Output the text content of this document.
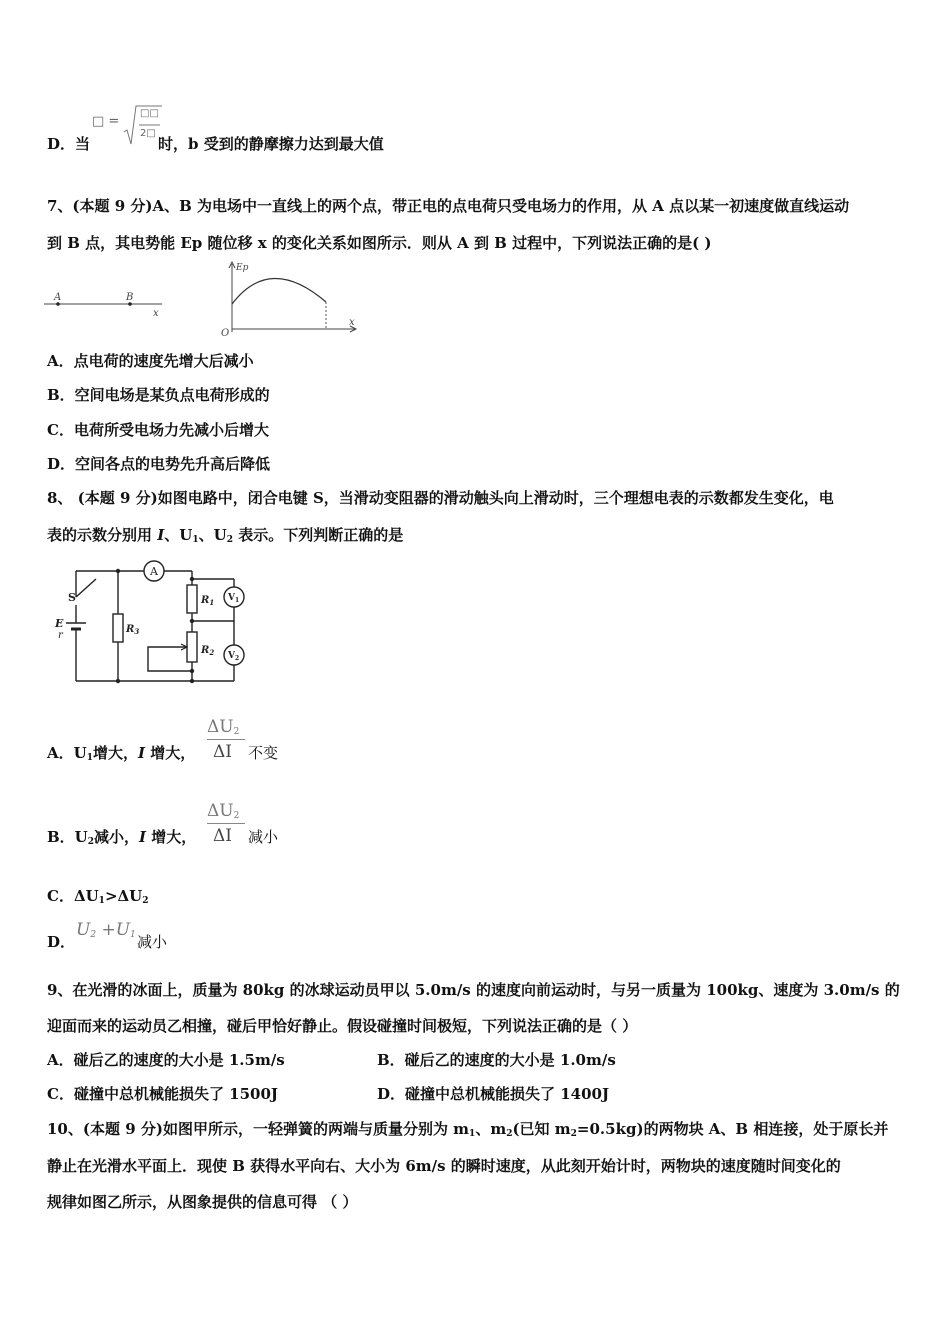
D．当
□ =
□□
2□
时，b 受到的静摩擦力达到最大值
7、(本题 9 分)A、B 为电场中一直线上的两个点，带正电的点电荷只受电场力的作用，从 A 点以某一初速度做直线运动
到 B 点，其电势能 Ep 随位移 x 的变化关系如图所示．则从 A 到 B 过程中，下列说法正确的是( )
A	B
x
Ep
O
x
A．点电荷的速度先增大后减小
B．空间电场是某负点电荷形成的
C．电荷所受电场力先减小后增大
D．空间各点的电势先升高后降低
8、 (本题 9 分)如图电路中，闭合电键 S，当滑动变阻器的滑动触头向上滑动时，三个理想电表的示数都发生变化，电
表的示数分别用 I、$U_1$、$U_2$ 表示。下列判断正确的是
A
S
E
r
$R_3$
$R_1$
$R_2$
$V_1$
$V_2$
A．$U_1$增大，I 增大，
$\Delta U_2$
ΔI 不变
B．$U_2$减小，I 增大，
$\Delta U_2$
ΔI 减小
C．$\Delta U_1>\Delta U_2$
D．
$U_2 +U_1$ 减小
9、在光滑的冰面上，质量为 80kg 的冰球运动员甲以 5.0m/s 的速度向前运动时，与另一质量为 100kg、速度为 3.0m/s 的
迎面而来的运动员乙相撞，碰后甲恰好静止。假设碰撞时间极短，下列说法正确的是（ ）
A．碰后乙的速度的大小是 1.5m/s	B．碰后乙的速度的大小是 1.0m/s
C．碰撞中总机械能损失了 1500J	D．碰撞中总机械能损失了 1400J
10、(本题 9 分)如图甲所示，一轻弹簧的两端与质量分别为 $m_1$、$m_2$(已知 $m_2=0.5kg$)的两物块 A、B 相连接，处于原长并
静止在光滑水平面上．现使 B 获得水平向右、大小为 6m/s 的瞬时速度，从此刻开始计时，两物块的速度随时间变化的
规律如图乙所示，从图象提供的信息可得 （ ）
